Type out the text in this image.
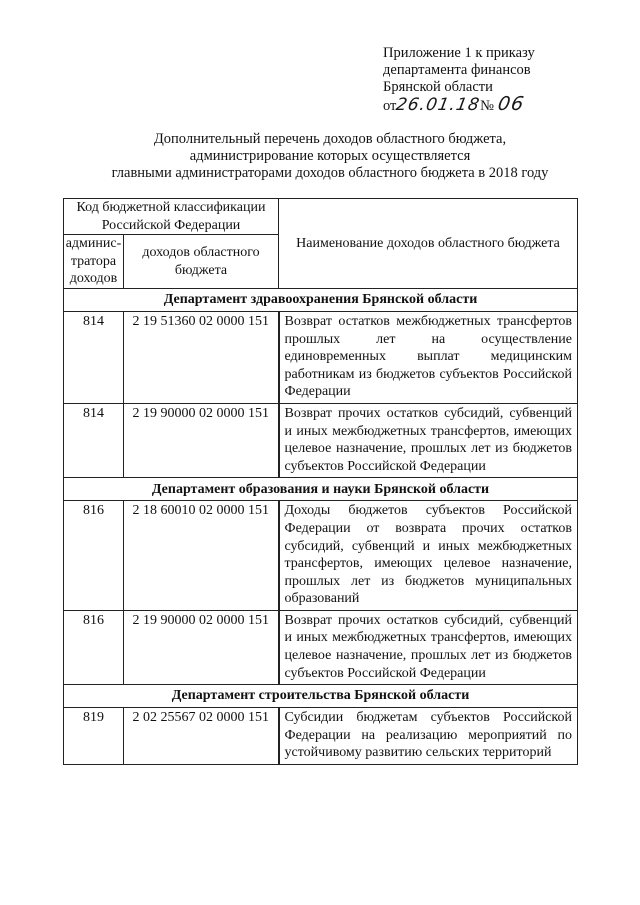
Приложение 1 к приказу
департамента финансов
Брянской области
от26.01.18№ 06
Дополнительный перечень доходов областного бюджета,
администрирование которых осуществляется
главными администраторами доходов областного бюджета в 2018 году
Код бюджетной классификации Российской Федерации		Наименование доходов областного бюджета
админис-тратора доходов	доходов областного бюджета	
Департамент здравоохранения Брянской области		
814	2 19 51360 02 0000 151	Возврат остатков межбюджетных трансфертов прошлых лет на осуществление единовременных выплат медицинским работникам из бюджетов субъектов Российской Федерации
814	2 19 90000 02 0000 151	Возврат прочих остатков субсидий, субвенций и иных межбюджетных трансфертов, имеющих целевое назначение, прошлых лет из бюджетов субъектов Российской Федерации
Департамент образования и науки Брянской области		
816	2 18 60010 02 0000 151	Доходы бюджетов субъектов Российской Федерации от возврата прочих остатков субсидий, субвенций и иных межбюджетных трансфертов, имеющих целевое назначение, прошлых лет из бюджетов муниципальных образований
816	2 19 90000 02 0000 151	Возврат прочих остатков субсидий, субвенций и иных межбюджетных трансфертов, имеющих целевое назначение, прошлых лет из бюджетов субъектов Российской Федерации
Департамент строительства Брянской области		
819	2 02 25567 02 0000 151	Субсидии бюджетам субъектов Российской Федерации на реализацию мероприятий по устойчивому развитию сельских территорий
